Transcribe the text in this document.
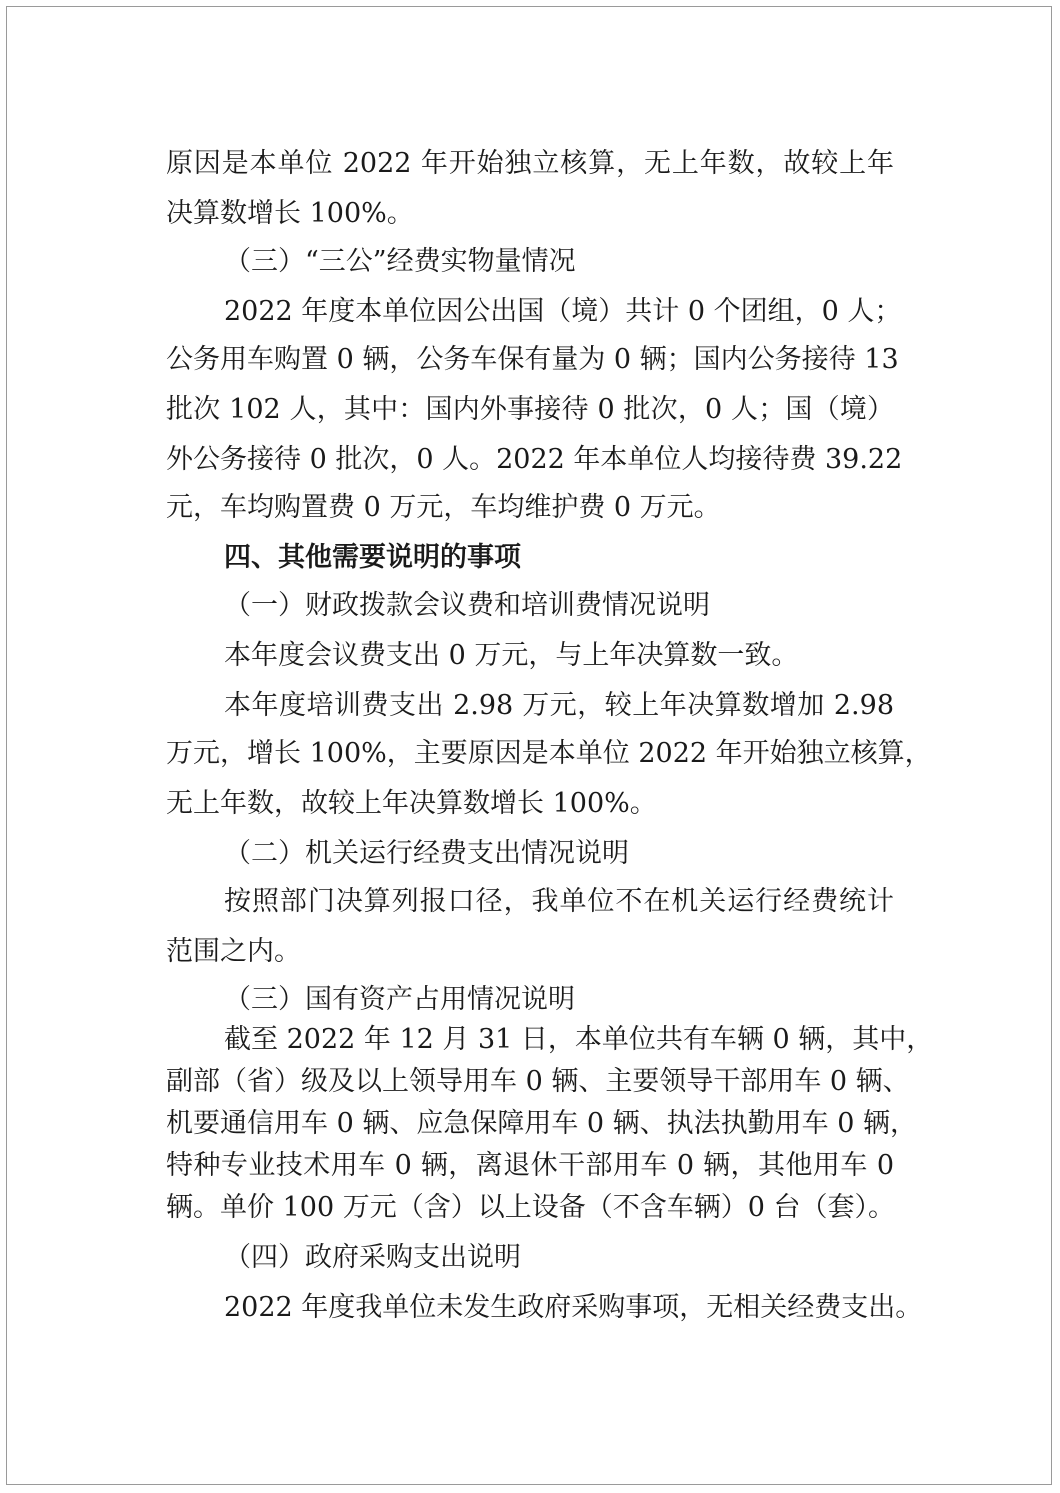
原因是本单位 2022 年开始独立核算，无上年数，故较上年
决算数增长 100%。
（三）“三公”经费实物量情况
2022 年度本单位因公出国（境）共计 0 个团组，0 人；
公务用车购置 0 辆，公务车保有量为 0 辆；国内公务接待 13
批次 102 人，其中：国内外事接待 0 批次，0 人；国（境）
外公务接待 0 批次，0 人。2022 年本单位人均接待费 39.22
元，车均购置费 0 万元，车均维护费 0 万元。
四、其他需要说明的事项
（一）财政拨款会议费和培训费情况说明
本年度会议费支出 0 万元，与上年决算数一致。
本年度培训费支出 2.98 万元，较上年决算数增加 2.98
万元，增长 100%，主要原因是本单位 2022 年开始独立核算，
无上年数，故较上年决算数增长 100%。
（二）机关运行经费支出情况说明
按照部门决算列报口径，我单位不在机关运行经费统计
范围之内。
（三）国有资产占用情况说明
截至 2022 年 12 月 31 日，本单位共有车辆 0 辆，其中，
副部（省）级及以上领导用车 0 辆、主要领导干部用车 0 辆、
机要通信用车 0 辆、应急保障用车 0 辆、执法执勤用车 0 辆，
特种专业技术用车 0 辆，离退休干部用车 0 辆，其他用车 0
辆。单价 100 万元（含）以上设备（不含车辆）0 台（套）。
（四）政府采购支出说明
2022 年度我单位未发生政府采购事项，无相关经费支出。
